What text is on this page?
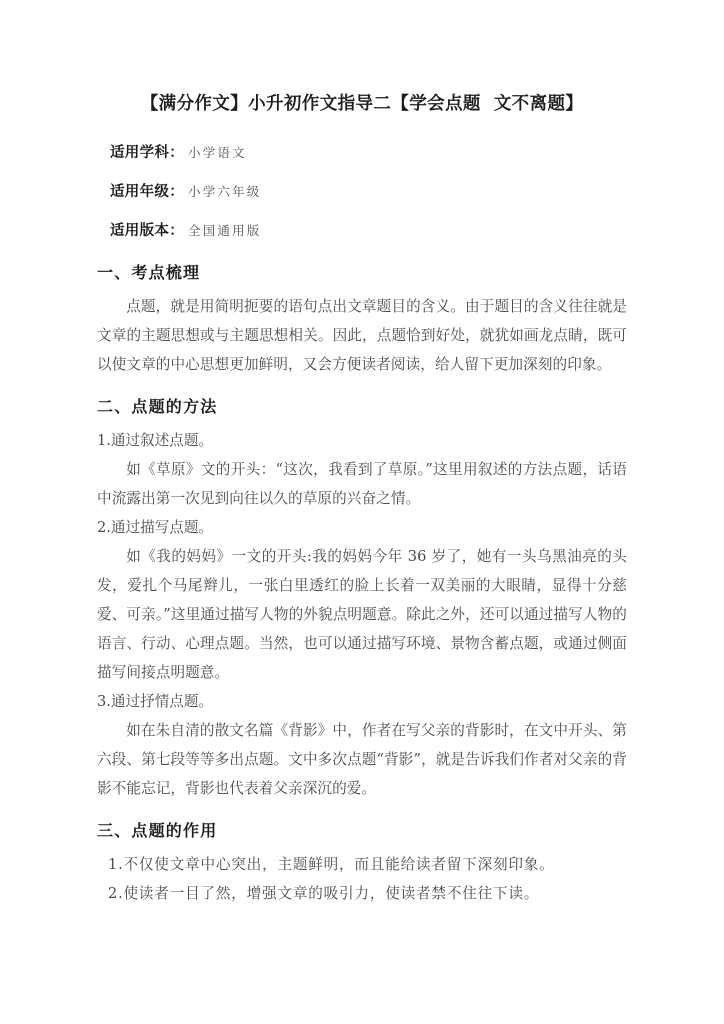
【满分作文】小升初作文指导二【学会点题  文不离题】
适用学科： 小学语文
适用年级： 小学六年级
适用版本： 全国通用版
一、考点梳理

点题，就是用简明扼要的语句点出文章题目的含义。由于题目的含义往往就是文章的主题思想或与主题思想相关。因此，点题恰到好处，就犹如画龙点睛，既可以使文章的中心思想更加鲜明，又会方便读者阅读，给人留下更加深刻的印象。

二、点题的方法

1.通过叙述点题。

如《草原》文的开头：“这次，我看到了草原。”这里用叙述的方法点题，话语中流露出第一次见到向往以久的草原的兴奋之情。

2.通过描写点题。

如《我的妈妈》一文的开头:我的妈妈今年 36 岁了，她有一头乌黑油亮的头发，爱扎个马尾辫儿，一张白里透红的脸上长着一双美丽的大眼睛，显得十分慈爱、可亲。”这里通过描写人物的外貌点明题意。除此之外，还可以通过描写人物的语言、行动、心理点题。当然，也可以通过描写环境、景物含蓄点题，或通过侧面描写间接点明题意。

3.通过抒情点题。

如在朱自清的散文名篇《背影》中，作者在写父亲的背影时，在文中开头、第六段、第七段等等多出点题。文中多次点题“背影”，就是告诉我们作者对父亲的背影不能忘记，背影也代表着父亲深沉的爱。

三、点题的作用

1.不仅使文章中心突出，主题鲜明，而且能给读者留下深刻印象。

2.使读者一目了然，增强文章的吸引力，使读者禁不住往下读。
